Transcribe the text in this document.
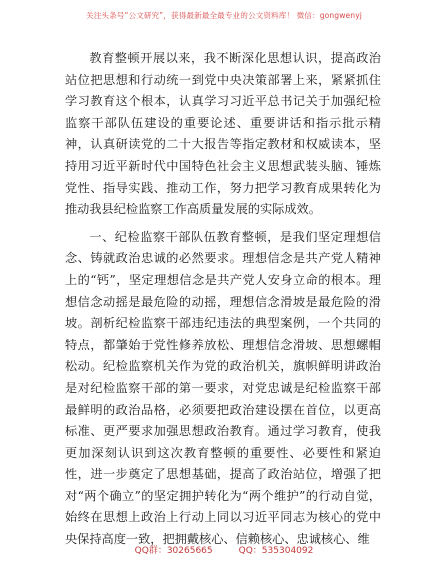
关注头条号“公文研究”，获得最新最全最专业的公文资料库！ 微信：gongwenyj

教育整顿开展以来，我不断深化思想认识，提高政治站位把思想和行动统一到党中央决策部署上来，紧紧抓住学习教育这个根本，认真学习习近平总书记关于加强纪检监察干部队伍建设的重要论述、重要讲话和指示批示精神，认真研读党的二十大报告等指定教材和权威读本，坚持用习近平新时代中国特色社会主义思想武装头脑、锤炼党性、指导实践、推动工作，努力把学习教育成果转化为推动我县纪检监察工作高质量发展的实际成效。

一、纪检监察干部队伍教育整顿，是我们坚定理想信念、铸就政治忠诚的必然要求。理想信念是共产党人精神上的“钙”，坚定理想信念是共产党人安身立命的根本。理想信念动摇是最危险的动摇，理想信念滑坡是最危险的滑坡。剖析纪检监察干部违纪违法的典型案例，一个共同的特点，都肇始于党性修养放松、理想信念滑坡、思想螺帽松动。纪检监察机关作为党的政治机关，旗帜鲜明讲政治是对纪检监察干部的第一要求，对党忠诚是纪检监察干部最鲜明的政治品格，必须要把政治建设摆在首位，以更高标准、更严要求加强思想政治教育。通过学习教育，使我更加深刻认识到这次教育整顿的重要性、必要性和紧迫性，进一步奠定了思想基础，提高了政治站位，增强了把对“两个确立”的坚定拥护转化为“两个维护”的行动自觉，始终在思想上政治上行动上同以习近平同志为核心的党中央保持高度一致，把拥戴核心、信赖核心、忠诚核心、维

QQ群：30265665	QQ：535304092
